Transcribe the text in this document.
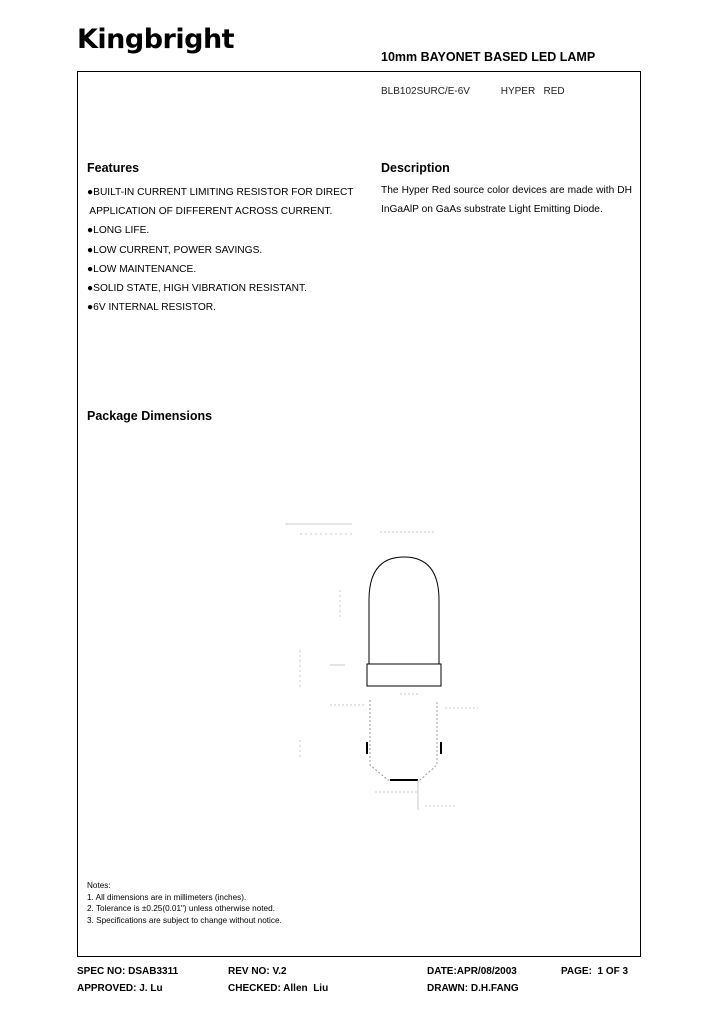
Kingbright
10mm BAYONET BASED LED LAMP
BLB102SURC/E-6V	HYPER   RED
Features
●BUILT-IN CURRENT LIMITING RESISTOR FOR DIRECT
APPLICATION OF DIFFERENT ACROSS CURRENT.
●LONG LIFE.
●LOW CURRENT, POWER SAVINGS.
●LOW MAINTENANCE.
●SOLID STATE, HIGH VIBRATION RESISTANT.
●6V INTERNAL RESISTOR.
Description
The Hyper Red source color devices are made with DH InGaAlP on GaAs substrate Light Emitting Diode.
Package Dimensions
Notes:
1. All dimensions are in millimeters (inches).
2. Tolerance is ±0.25(0.01") unless otherwise noted.
3. Specifications are subject to change without notice.
SPEC NO: DSAB3311	REV NO: V.2	DATE:APR/08/2003	PAGE:  1 OF 3
APPROVED: J. Lu	CHECKED: Allen  Liu	DRAWN: D.H.FANG
